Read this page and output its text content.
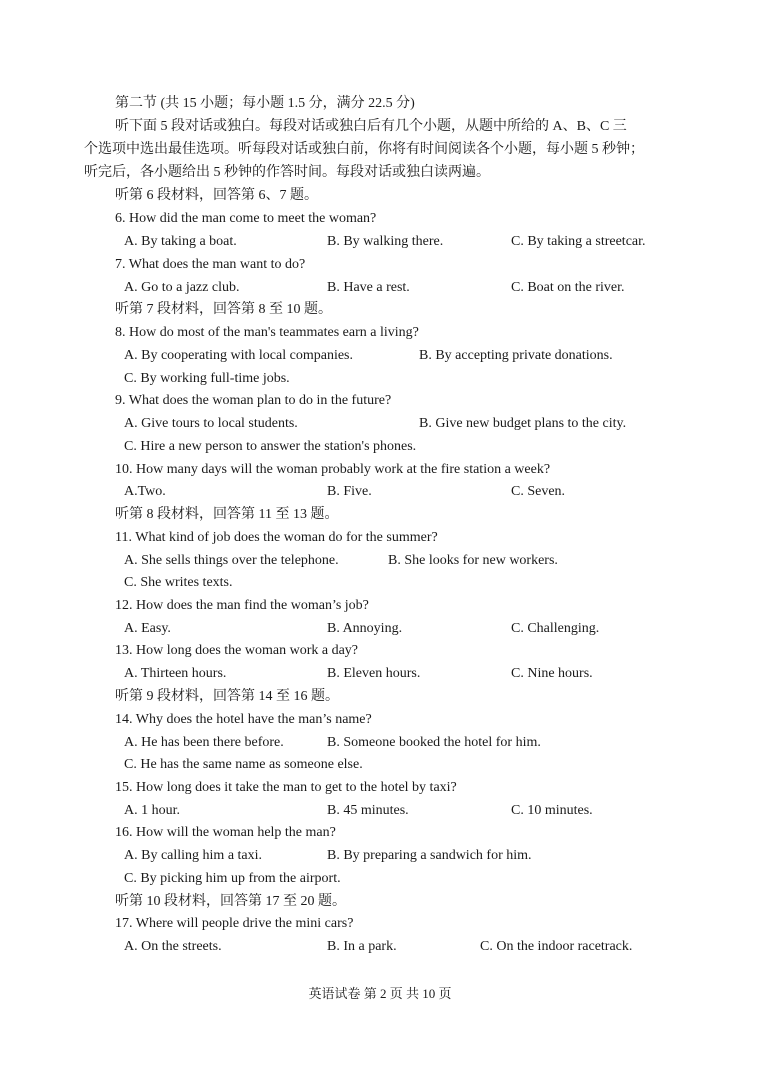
第二节 (共 15 小题；每小题 1.5 分，满分 22.5 分)
听下面 5 段对话或独白。每段对话或独白后有几个小题，从题中所给的 A、B、C 三
个选项中选出最佳选项。听每段对话或独白前，你将有时间阅读各个小题，每小题 5 秒钟；
听完后，各小题给出 5 秒钟的作答时间。每段对话或独白读两遍。
听第 6 段材料，回答第 6、7 题。
6. How did the man come to meet the woman?
A. By taking a boat.	B. By walking there.	C. By taking a streetcar.
7. What does the man want to do?
A. Go to a jazz club.	B. Have a rest.	C. Boat on the river.
听第 7 段材料，回答第 8 至 10 题。
8. How do most of the man's teammates earn a living?
A. By cooperating with local companies.	B. By accepting private donations.
C. By working full-time jobs.
9. What does the woman plan to do in the future?
A. Give tours to local students.	B. Give new budget plans to the city.
C. Hire a new person to answer the station's phones.
10. How many days will the woman probably work at the fire station a week?
A.Two.	B. Five.	C. Seven.
听第 8 段材料，回答第 11 至 13 题。
11. What kind of job does the woman do for the summer?
A. She sells things over the telephone.	B. She looks for new workers.
C. She writes texts.
12. How does the man find the woman’s job?
A. Easy.	B. Annoying.	C. Challenging.
13. How long does the woman work a day?
A. Thirteen hours.	B. Eleven hours.	C. Nine hours.
听第 9 段材料，回答第 14 至 16 题。
14. Why does the hotel have the man’s name?
A. He has been there before.	B. Someone booked the hotel for him.
C. He has the same name as someone else.
15. How long does it take the man to get to the hotel by taxi?
A. 1 hour.	B. 45 minutes.	C. 10 minutes.
16. How will the woman help the man?
A. By calling him a taxi.	B. By preparing a sandwich for him.
C. By picking him up from the airport.
听第 10 段材料，回答第 17 至 20 题。
17. Where will people drive the mini cars?
A. On the streets.	B. In a park.	C. On the indoor racetrack.
英语试卷 第 2 页 共 10 页
